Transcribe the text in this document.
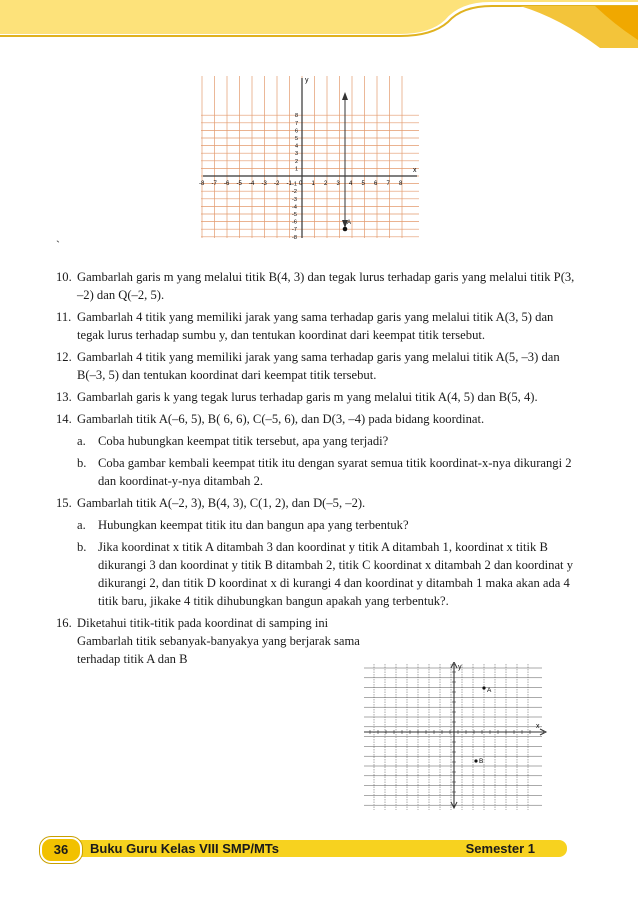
x
y
-8 -7 -6 -5 -4 -3 -2 -1 0 1 2 3 4 5 6 7 8
8
7
6
5
4
3
2
1
-1
-2
-3
-4
-5
-6
-7
-8
A
`

10. Gambarlah garis m yang melalui titik B(4, 3) dan tegak lurus terhadap garis yang melalui titik P(3, –2) dan Q(–2, 5).

11. Gambarlah 4 titik yang memiliki jarak yang sama terhadap garis yang melalui titik A(3, 5) dan tegak lurus terhadap sumbu y, dan tentukan koordinat dari keempat titik tersebut.

12. Gambarlah 4 titik yang memiliki jarak yang sama terhadap garis yang melalui titik A(5, –3) dan B(–3, 5) dan tentukan koordinat dari keempat titik tersebut.

13. Gambarlah garis k yang tegak lurus terhadap garis m yang melalui titik A(4, 5) dan B(5, 4).

14. Gambarlah titik A(–6, 5), B( 6, 6), C(–5, 6), dan D(3, –4) pada bidang koordinat.

a. Coba hubungkan keempat titik tersebut, apa yang terjadi?

b. Coba gambar kembali keempat titik itu dengan syarat semua titik koordinat-x-nya dikurangi 2 dan koordinat-y-nya ditambah 2.

15. Gambarlah titik A(–2, 3), B(4, 3), C(1, 2), dan D(–5, –2).

a. Hubungkan keempat titik itu dan bangun apa yang terbentuk?

b. Jika koordinat x titik A ditambah 3 dan koordinat y titik A ditambah 1, koordinat x titik B dikurangi 3 dan koordinat y titik B ditambah 2, titik C koordinat x ditambah 2 dan koordinat y dikurangi 2, dan titik D koordinat x di kurangi 4 dan koordinat y ditambah 1 maka akan ada 4 titik baru, jikake 4 titik dihubungkan bangun apakah yang terbentuk?.

16. Diketahui titik-titik pada koordinat di samping ini Gambarlah titik sebanyak-banyakya yang berjarak sama terhadap titik A dan B

x
y
A
B
36	Buku Guru Kelas VIII SMP/MTs	Semester 1
